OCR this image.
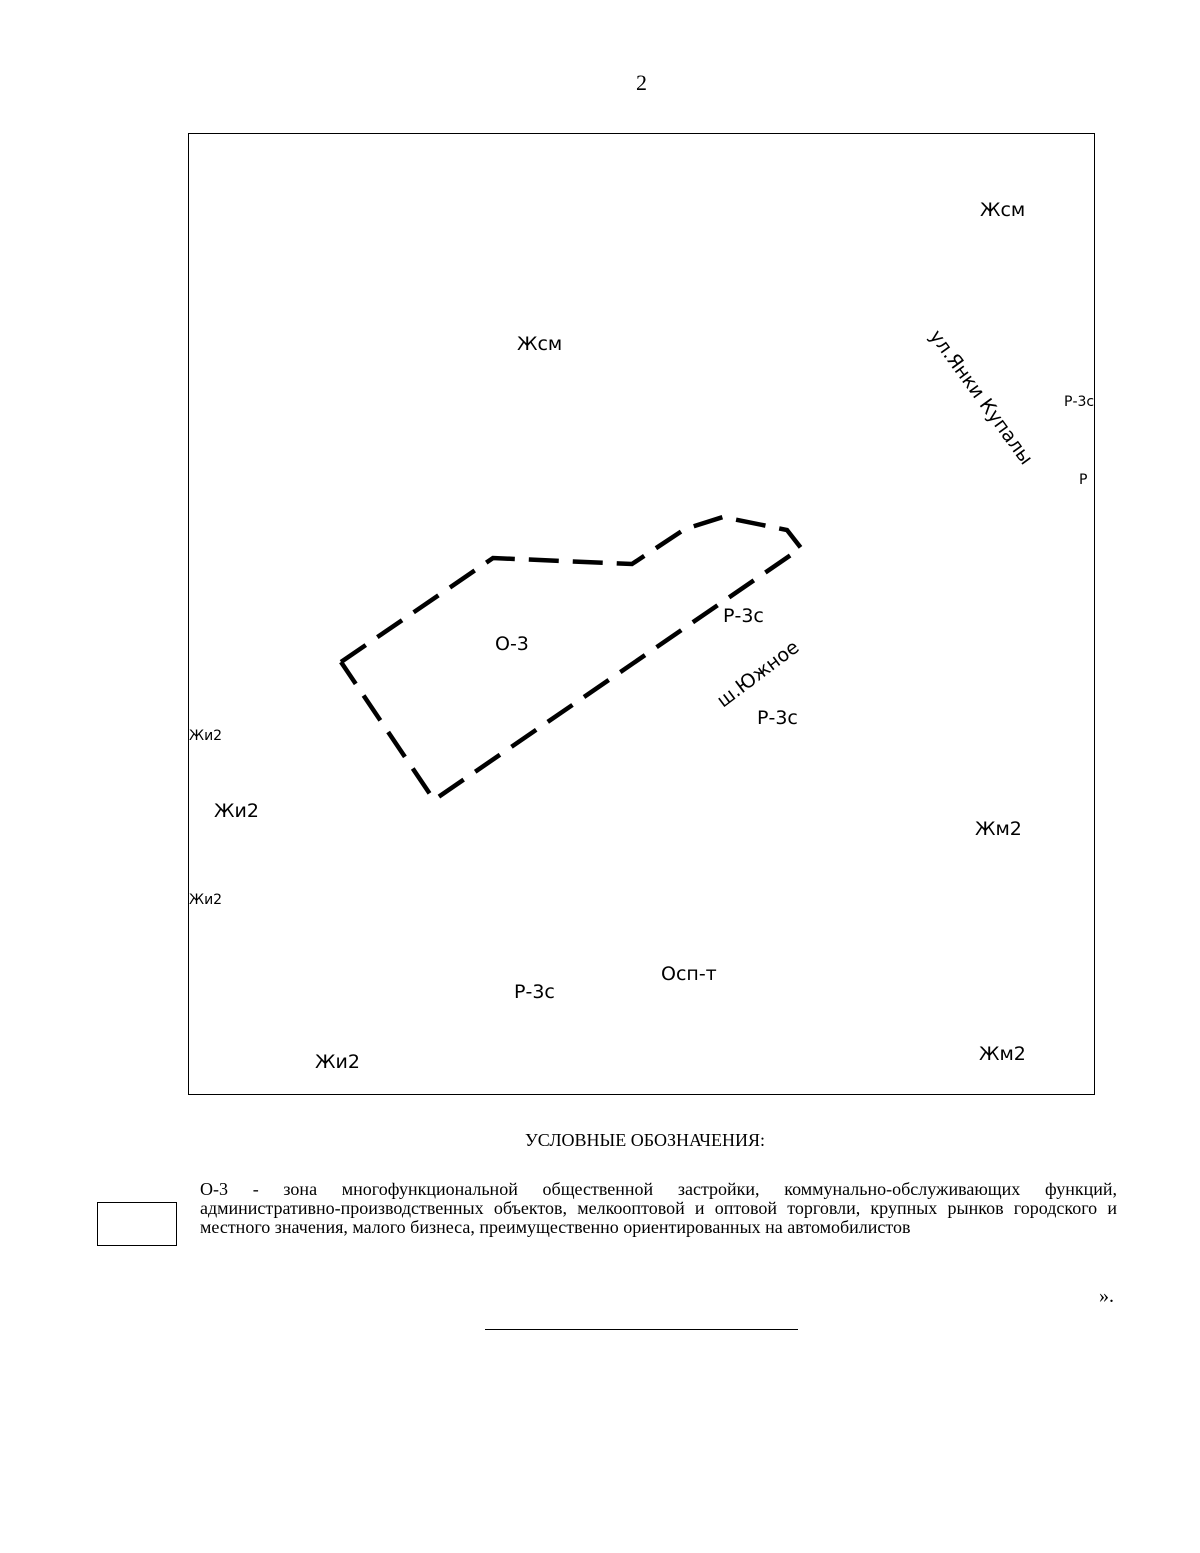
2
Жсм
Жсм
Р-3с
Р
Р-3с
О-3
Р-3с
Жи2
Жи2
Жм2
Жи2
Осп-т
Р-3с
Жи2	Жм2
ул.Янки Купалы
ш.Южное
УСЛОВНЫЕ ОБОЗНАЧЕНИЯ:
О-3 - зона многофункциональной общественной застройки, коммунально-обслуживающих функций, административно-производственных объектов, мелкооптовой и оптовой торговли, крупных рынков городского и местного значения, малого бизнеса, преимущественно ориентированных на автомобилистов
».
